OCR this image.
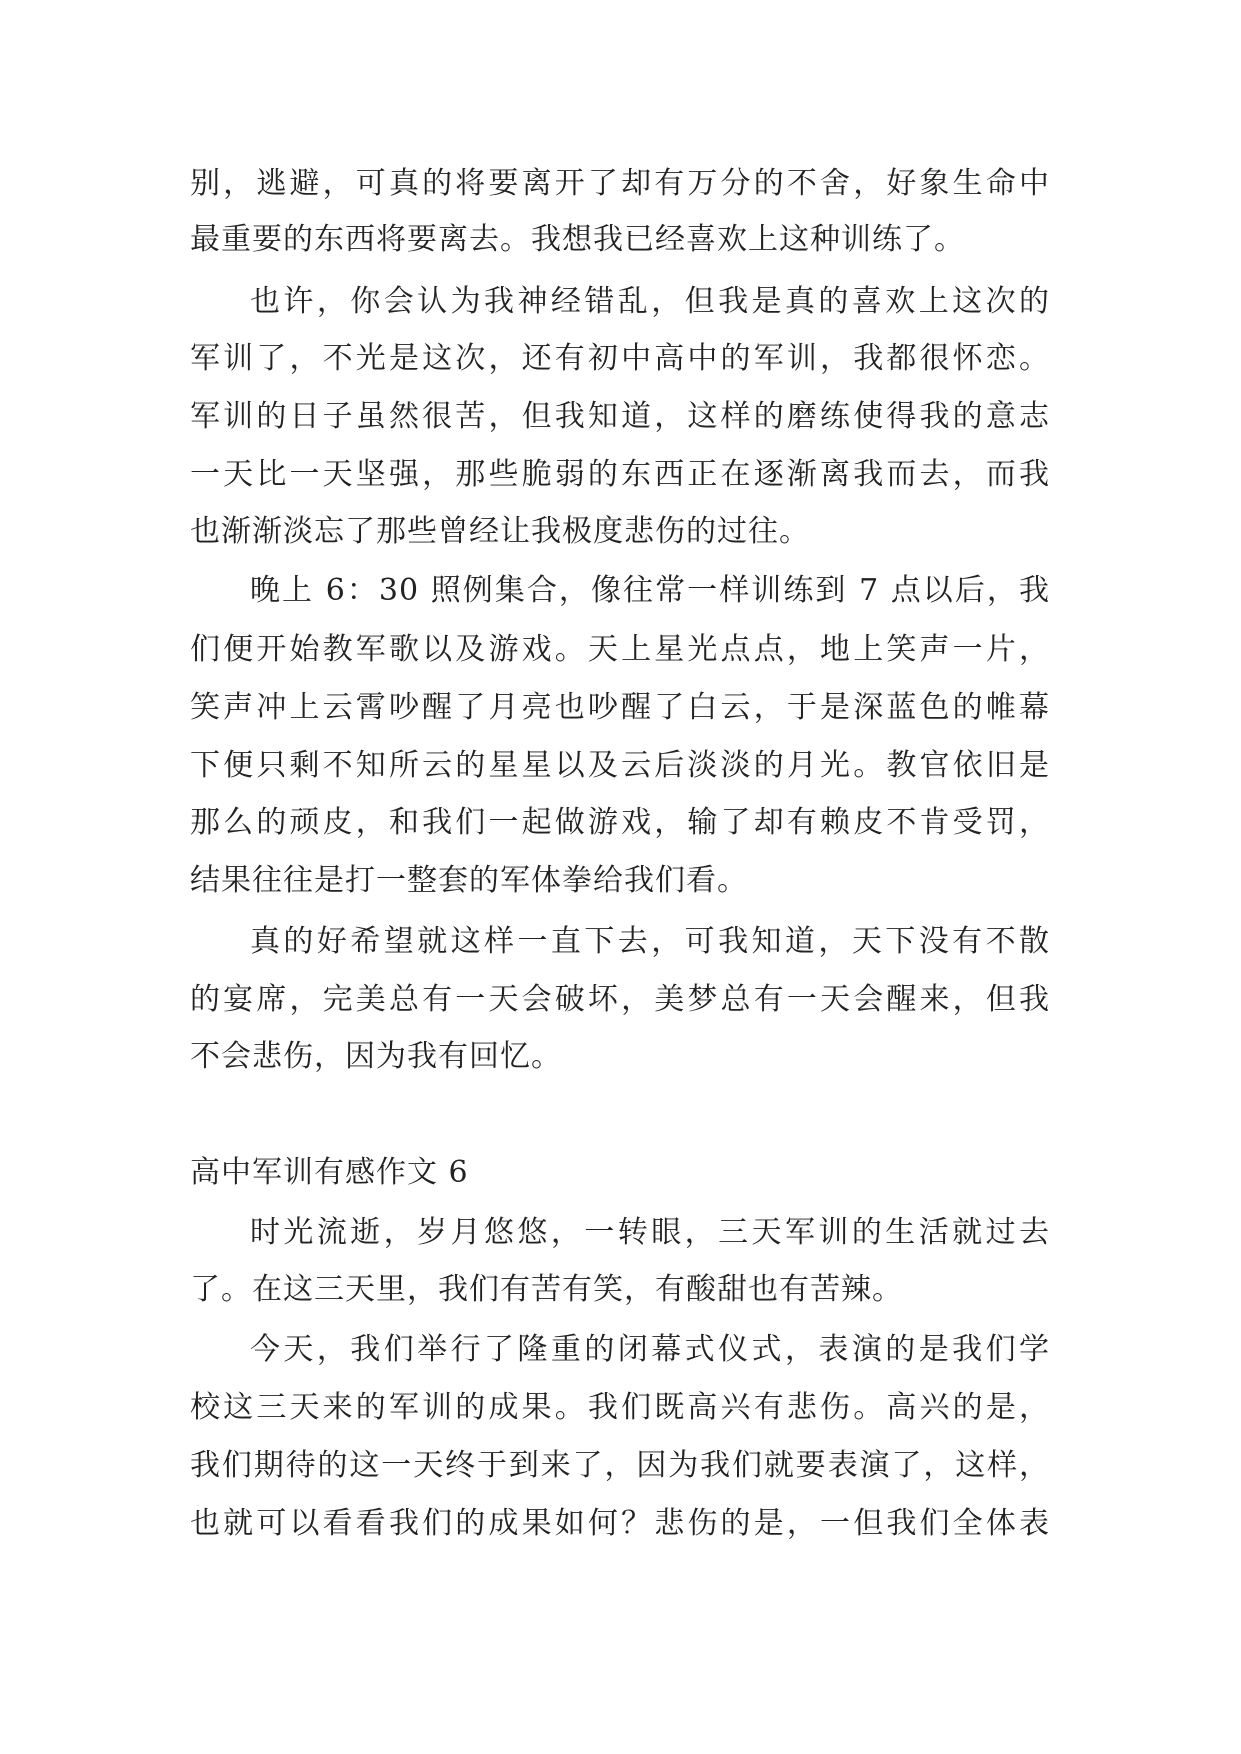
别，逃避，可真的将要离开了却有万分的不舍，好象生命中
最重要的东西将要离去。我想我已经喜欢上这种训练了。
也许，你会认为我神经错乱，但我是真的喜欢上这次的
军训了，不光是这次，还有初中高中的军训，我都很怀恋。
军训的日子虽然很苦，但我知道，这样的磨练使得我的意志
一天比一天坚强，那些脆弱的东西正在逐渐离我而去，而我
也渐渐淡忘了那些曾经让我极度悲伤的过往。
晚上 6：30 照例集合，像往常一样训练到 7 点以后，我
们便开始教军歌以及游戏。天上星光点点，地上笑声一片，
笑声冲上云霄吵醒了月亮也吵醒了白云，于是深蓝色的帷幕
下便只剩不知所云的星星以及云后淡淡的月光。教官依旧是
那么的顽皮，和我们一起做游戏，输了却有赖皮不肯受罚，
结果往往是打一整套的军体拳给我们看。
真的好希望就这样一直下去，可我知道，天下没有不散
的宴席，完美总有一天会破坏，美梦总有一天会醒来，但我
不会悲伤，因为我有回忆。
高中军训有感作文 6
时光流逝，岁月悠悠，一转眼，三天军训的生活就过去
了。在这三天里，我们有苦有笑，有酸甜也有苦辣。
今天，我们举行了隆重的闭幕式仪式，表演的是我们学
校这三天来的军训的成果。我们既高兴有悲伤。高兴的是，
我们期待的这一天终于到来了，因为我们就要表演了，这样，
也就可以看看我们的成果如何？悲伤的是，一但我们全体表
